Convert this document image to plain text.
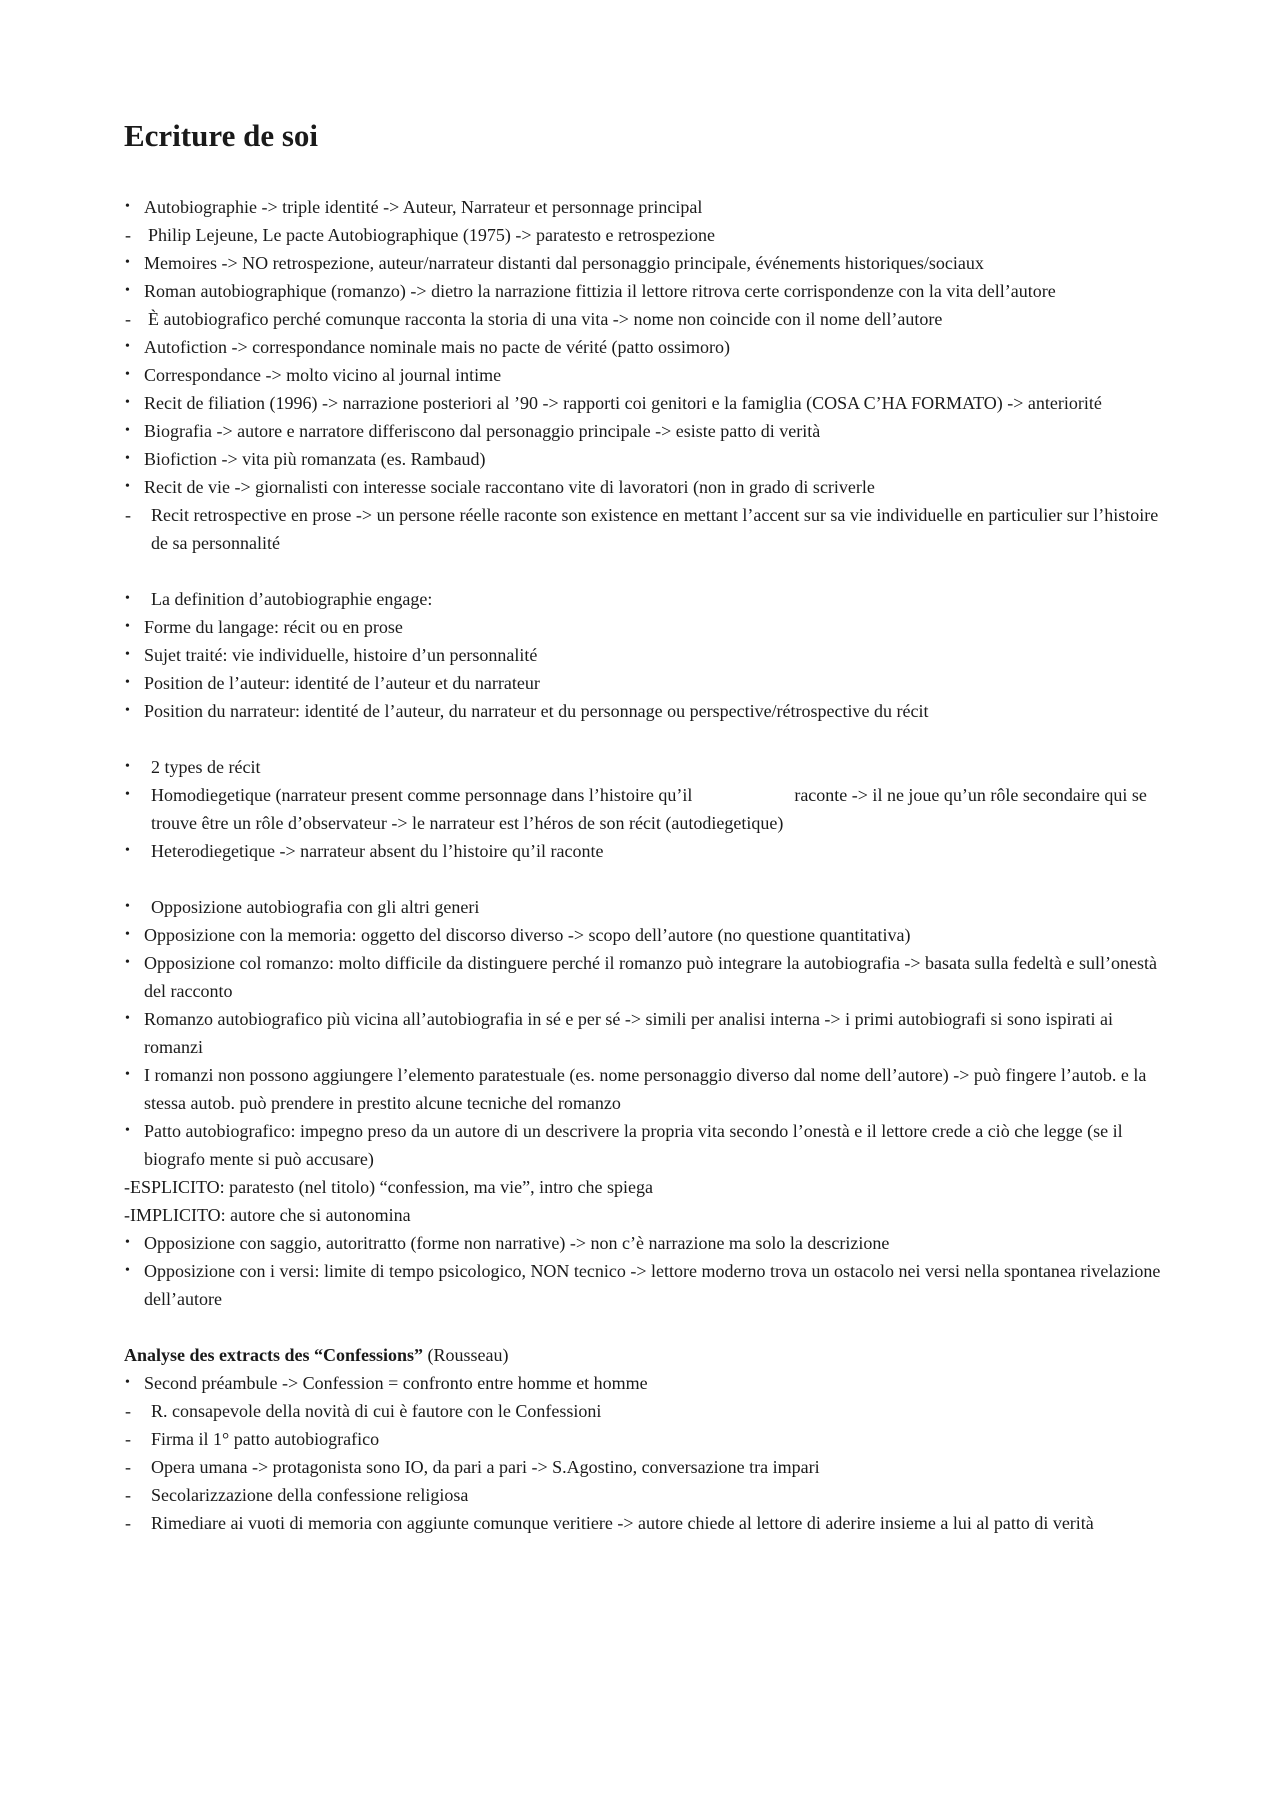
Ecriture de soi

• Autobiographie -> triple identité -> Auteur, Narrateur et personnage principal

- Philip Lejeune, Le pacte Autobiographique (1975) -> paratesto e retrospezione

• Memoires -> NO retrospezione, auteur/narrateur distanti dal personaggio principale, événements historiques/sociaux

• Roman autobiographique (romanzo) -> dietro la narrazione fittizia il lettore ritrova certe corrispondenze con la vita dell’autore

- È autobiografico perché comunque racconta la storia di una vita -> nome non coincide con il nome dell’autore

• Autofiction -> correspondance nominale mais no pacte de vérité (patto ossimoro)

• Correspondance -> molto vicino al journal intime

• Recit de filiation (1996) -> narrazione posteriori al ’90 -> rapporti coi genitori e la famiglia (COSA C’HA FORMATO) -> anteriorité

• Biografia -> autore e narratore differiscono dal personaggio principale -> esiste patto di verità

• Biofiction -> vita più romanzata (es. Rambaud)

• Recit de vie -> giornalisti con interesse sociale raccontano vite di lavoratori (non in grado di scriverle

-	Recit retrospective en prose -> un persone réelle raconte son existence en mettant l’accent sur sa vie individuelle en particulier sur l’histoire de sa personnalité

•	La definition d’autobiographie engage:

• Forme du langage: récit ou en prose

• Sujet traité: vie individuelle, histoire d’un personnalité

• Position de l’auteur: identité de l’auteur et du narrateur

• Position du narrateur: identité de l’auteur, du narrateur et du personnage ou perspective/rétrospective du récit

•	2 types de récit

•	Homodiegetique (narrateur present comme personnage dans l’histoire qu’il	raconte -> il ne joue qu’un rôle secondaire qui se trouve être un rôle d’observateur -> le narrateur est l’héros de son récit (autodiegetique)

•	Heterodiegetique -> narrateur absent du l’histoire qu’il raconte

•	Opposizione autobiografia con gli altri generi

• Opposizione con la memoria: oggetto del discorso diverso -> scopo dell’autore (no questione quantitativa)

• Opposizione col romanzo: molto difficile da distinguere perché il romanzo può integrare la autobiografia -> basata sulla fedeltà e sull’onestà del racconto

• Romanzo autobiografico più vicina all’autobiografia in sé e per sé -> simili per analisi interna -> i primi autobiografi si sono ispirati ai romanzi

• I romanzi non possono aggiungere l’elemento paratestuale (es. nome personaggio diverso dal nome dell’autore) -> può fingere l’autob. e la stessa autob. può prendere in prestito alcune tecniche del romanzo

• Patto autobiografico: impegno preso da un autore di un descrivere la propria vita secondo l’onestà e il lettore crede a ciò che legge (se il biografo mente si può accusare)

-ESPLICITO: paratesto (nel titolo) “confession, ma vie”, intro che spiega

-IMPLICITO: autore che si autonomina

• Opposizione con saggio, autoritratto (forme non narrative) -> non c’è narrazione ma solo la descrizione

• Opposizione con i versi: limite di tempo psicologico, NON tecnico -> lettore moderno trova un ostacolo nei versi nella spontanea rivelazione dell’autore

Analyse des extracts des “Confessions” (Rousseau)

• Second préambule -> Confession = confronto entre homme et homme

-	R. consapevole della novità di cui è fautore con le Confessioni

-	Firma il 1° patto autobiografico

-	Opera umana -> protagonista sono IO, da pari a pari -> S.Agostino, conversazione tra impari

-	Secolarizzazione della confessione religiosa

-	Rimediare ai vuoti di memoria con aggiunte comunque veritiere -> autore chiede al lettore di aderire insieme a lui al patto di verità
